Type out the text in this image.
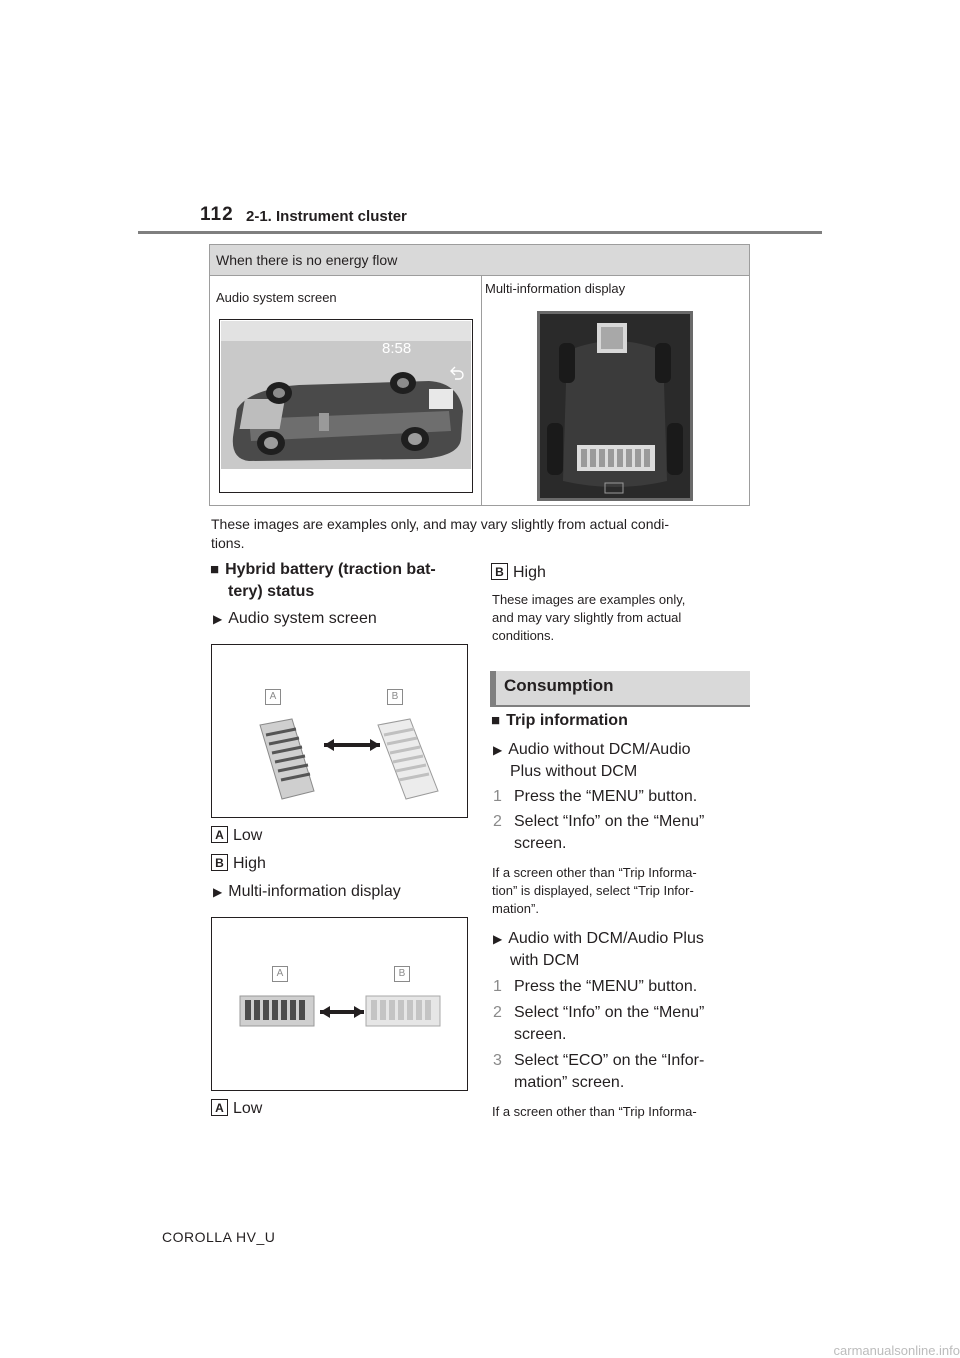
112 2-1. Instrument cluster
When there is no energy flow
Audio system screen
Multi-information display
8:58
These images are examples only, and may vary slightly from actual condi-
tions.
■ Hybrid battery (traction bat-
tery) status
▶ Audio system screen
A	B
A Low
B High
▶ Multi-information display
A	B
A Low
B High
These images are examples only,
and may vary slightly from actual
conditions.
Consumption
■ Trip information
▶ Audio without DCM/Audio
Plus without DCM
1 Press the “MENU” button.
2 Select “Info” on the “Menu”
screen.
If a screen other than “Trip Informa-
tion” is displayed, select “Trip Infor-
mation”.
▶ Audio with DCM/Audio Plus
with DCM
1 Press the “MENU” button.
2 Select “Info” on the “Menu”
screen.
3 Select “ECO” on the “Infor-
mation” screen.
If a screen other than “Trip Informa-
COROLLA HV_U
carmanualsonline.info
